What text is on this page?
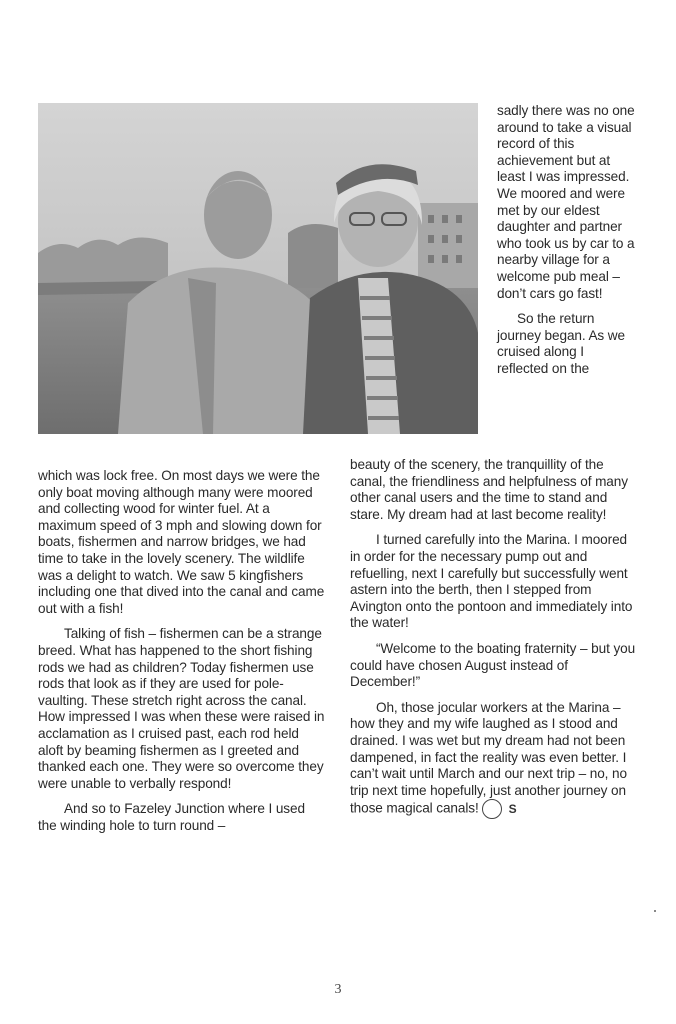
sadly there was no one around to take a visual record of this achievement but at least I was impressed. We moored and were met by our eldest daughter and partner who took us by car to a nearby village for a welcome pub meal – don’t cars go fast!

So the return journey began. As we cruised along I reflected on the

which was lock free. On most days we were the only boat moving although many were moored and collecting wood for winter fuel. At a maximum speed of 3 mph and slowing down for boats, fishermen and narrow bridges, we had time to take in the lovely scenery. The wildlife was a delight to watch. We saw 5 kingfishers including one that dived into the canal and came out with a fish!

Talking of fish – fishermen can be a strange breed. What has happened to the short fishing rods we had as children? Today fishermen use rods that look as if they are used for pole-vaulting. These stretch right across the canal. How impressed I was when these were raised in acclamation as I cruised past, each rod held aloft by beaming fishermen as I greeted and thanked each one. They were so overcome they were unable to verbally respond!

And so to Fazeley Junction where I used the winding hole to turn round –

beauty of the scenery, the tranquillity of the canal, the friendliness and helpfulness of many other canal users and the time to stand and stare. My dream had at last become reality!

I turned carefully into the Marina. I moored in order for the necessary pump out and refuelling, next I carefully but successfully went astern into the berth, then I stepped from Avington onto the pontoon and immediately into the water!

“Welcome to the boating fraternity – but you could have chosen August instead of December!”

Oh, those jocular workers at the Marina – how they and my wife laughed as I stood and drained. I was wet but my dream had not been dampened, in fact the reality was even better. I can’t wait until March and our next trip – no, no trip next time hopefully, just another journey on those magical canals!	S

3
